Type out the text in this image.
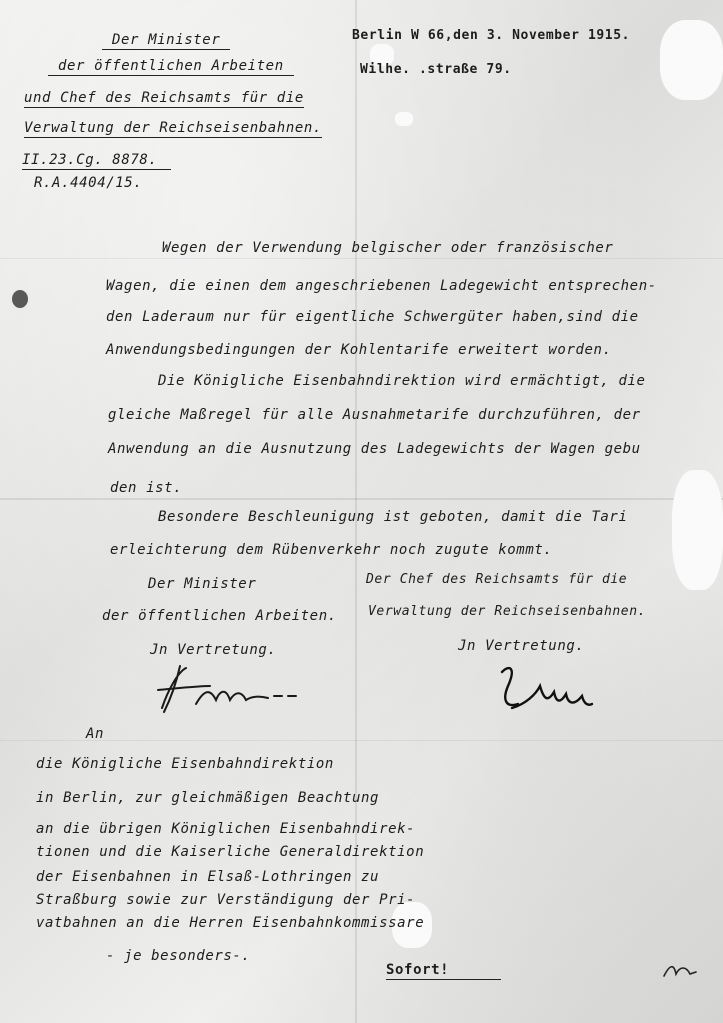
Der Minister
der öffentlichen Arbeiten
und Chef des Reichsamts für die
Verwaltung der Reichseisenbahnen.
II.23.Cg. 8878.
R.A.4404/15.
Berlin W 66,den 3. November 1915.
Wilhe. .straße 79.
Wegen der Verwendung belgischer oder französischer
Wagen, die einen dem angeschriebenen Ladegewicht entsprechen-
den Laderaum nur für eigentliche Schwergüter haben,sind die
Anwendungsbedingungen der Kohlentarife erweitert worden.
Die Königliche Eisenbahndirektion wird ermächtigt, die
gleiche Maßregel für alle Ausnahmetarife durchzuführen, der
Anwendung an die Ausnutzung des Ladegewichts der Wagen gebu
den ist.
Besondere Beschleunigung ist geboten, damit die Tari
erleichterung dem Rübenverkehr noch zugute kommt.
Der Minister
der öffentlichen Arbeiten.
Der Chef des Reichsamts für die
Verwaltung der Reichseisenbahnen.
Jn Vertretung.	Jn Vertretung.
An
die Königliche Eisenbahndirektion
in Berlin, zur gleichmäßigen Beachtung
an die übrigen Königlichen Eisenbahndirek-
tionen und die Kaiserliche Generaldirektion
der Eisenbahnen in Elsaß-Lothringen zu
Straßburg sowie zur Verständigung der Pri-
vatbahnen an die Herren Eisenbahnkommissare
- je besonders-.
Sofort!
